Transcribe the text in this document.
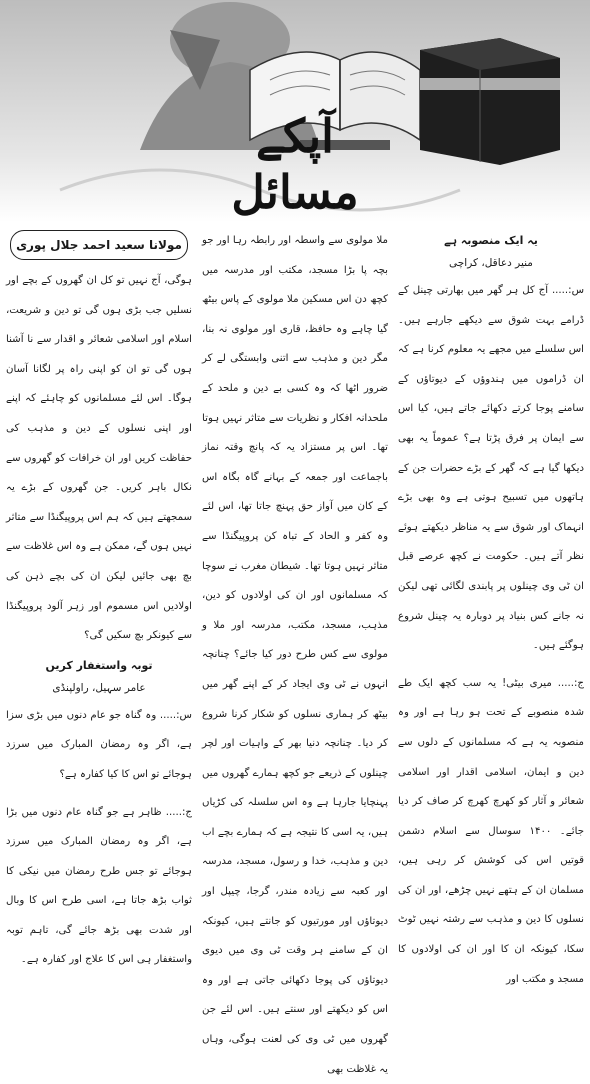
آپکے مسائل
یہ ایک منصوبہ ہے
منیر دعاقل، کراچی

س:..... آج کل ہر گھر میں بھارتی چینل کے ڈرامے بہت شوق سے دیکھے جارہے ہیں۔ اس سلسلے میں مجھے یہ معلوم کرنا ہے کہ ان ڈراموں میں ہندوؤں کے دیوتاؤں کے سامنے پوجا کرتے دکھائے جاتے ہیں، کیا اس سے ایمان پر فرق پڑتا ہے؟ عموماً یہ بھی دیکھا گیا ہے کہ گھر کے بڑے حضرات جن کے ہاتھوں میں تسبیح ہوتی ہے وہ بھی بڑے انہماک اور شوق سے یہ مناظر دیکھتے ہوئے نظر آتے ہیں۔ حکومت نے کچھ عرصے قبل ان ٹی وی چینلوں پر پابندی لگائی تھی لیکن نہ جانے کس بنیاد پر دوبارہ یہ چینل شروع ہوگئے ہیں۔

ج:..... میری بیٹی! یہ سب کچھ ایک طے شدہ منصوبے کے تحت ہو رہا ہے اور وہ منصوبہ یہ ہے کہ مسلمانوں کے دلوں سے دین و ایمان، اسلامی اقدار اور اسلامی شعائر و آثار کو کھرچ کھرچ کر صاف کر دیا جائے۔ ۱۴۰۰ سوسال سے اسلام دشمن قوتیں اس کی کوشش کر رہی ہیں، مسلمان ان کے ہتھے نہیں چڑھے، اور ان کی نسلوں کا دین و مذہب سے رشتہ نہیں ٹوٹ سکا، کیونکہ ان کا اور ان کی اولادوں کا مسجد و مکتب اور

ملا مولوی سے واسطہ اور رابطہ رہا اور جو بچہ پا بڑا مسجد، مکتب اور مدرسہ میں کچھ دن اس مسکین ملا مولوی کے پاس بیٹھ گیا چاہے وہ حافظ، قاری اور مولوی نہ بنا، مگر دین و مذہب سے اتنی وابستگی لے کر ضرور اٹھا کہ وہ کسی بے دین و ملحد کے ملحدانہ افکار و نظریات سے متاثر نہیں ہوتا تھا۔ اس پر مستزاد یہ کہ پانچ وقتہ نماز باجماعت اور جمعہ کے بہانے گاہ بگاہ اس کے کان میں آواز حق پہنچ جاتا تھا، اس لئے وہ کفر و الحاد کے تباہ کن پروپیگنڈا سے متاثر نہیں ہوتا تھا۔ شیطان مغرب نے سوچا کہ مسلمانوں اور ان کی اولادوں کو دین، مذہب، مسجد، مکتب، مدرسہ اور ملا و مولوی سے کس طرح دور کیا جائے؟ چنانچہ انہوں نے ٹی وی ایجاد کر کے اپنے گھر میں بیٹھ کر ہماری نسلوں کو شکار کرنا شروع کر دیا۔ چنانچہ دنیا بھر کے واہیات اور لچر چینلوں کے ذریعے جو کچھ ہمارے گھروں میں پہنچایا جارہا ہے وہ اس سلسلہ کی کڑیاں ہیں، یہ اسی کا نتیجہ ہے کہ ہمارے بچے اب دین و مذہب، خدا و رسول، مسجد، مدرسہ اور کعبہ سے زیادہ مندر، گرجا، چیپل اور دیوتاؤں اور مورتیوں کو جانتے ہیں، کیونکہ ان کے سامنے ہر وقت ٹی وی میں دیوی دیوتاؤں کی پوجا دکھائی جاتی ہے اور وہ اس کو دیکھتے اور سنتے ہیں۔ اس لئے جن گھروں میں ٹی وی کی لعنت ہوگی، وہاں یہ غلاظت بھی

مولانا سعید احمد جلال پوری

ہوگی، آج نہیں تو کل ان گھروں کے بچے اور نسلیں جب بڑی ہوں گی تو دین و شریعت، اسلام اور اسلامی شعائر و اقدار سے نا آشنا ہوں گی تو ان کو اپنی راہ پر لگانا آسان ہوگا۔ اس لئے مسلمانوں کو چاہئے کہ اپنے اور اپنی نسلوں کے دین و مذہب کی حفاظت کریں اور ان خرافات کو گھروں سے نکال باہر کریں۔ جن گھروں کے بڑے یہ سمجھتے ہیں کہ ہم اس پروپیگنڈا سے متاثر نہیں ہوں گے، ممکن ہے وہ اس غلاظت سے بچ بھی جائیں لیکن ان کی بچے ذہن کی اولادیں اس مسموم اور زہر آلود پروپیگنڈا سے کیونکر بچ سکیں گی؟

توبہ واستغفار کریں
عامر سہیل، راولپنڈی

س:..... وہ گناہ جو عام دنوں میں بڑی سزا ہے، اگر وہ رمضان المبارک میں سرزد ہوجائے تو اس کا کیا کفارہ ہے؟

ج:..... ظاہر ہے جو گناہ عام دنوں میں بڑا ہے، اگر وہ رمضان المبارک میں سرزد ہوجائے تو جس طرح رمضان میں نیکی کا ثواب بڑھ جاتا ہے، اسی طرح اس کا وبال اور شدت بھی بڑھ جائے گی، تاہم توبہ واستغفار ہی اس کا علاج اور کفارہ ہے۔
